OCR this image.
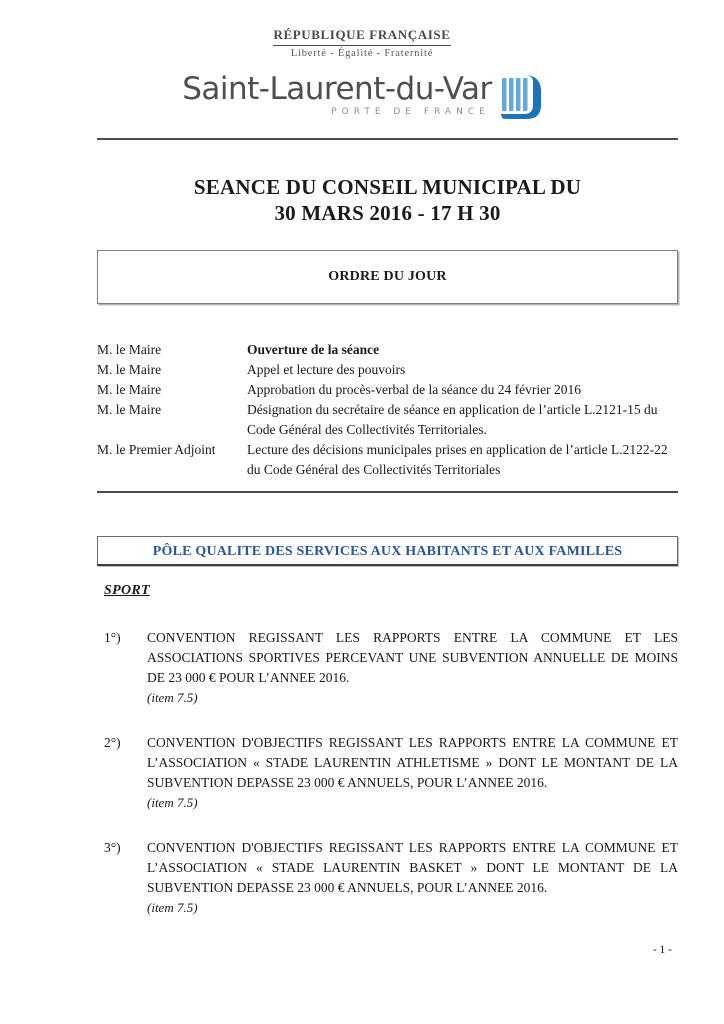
RÉPUBLIQUE FRANÇAISE
Liberté - Égalité - Fraternité
Saint-Laurent-du-Var
PORTE DE FRANCE
SEANCE DU CONSEIL MUNICIPAL DU
30 MARS 2016 - 17 H 30
ORDRE DU JOUR
M. le Maire	Ouverture de la séance
M. le Maire	Appel et lecture des pouvoirs
M. le Maire	Approbation du procès-verbal de la séance du 24 février 2016
M. le Maire	Désignation du secrétaire de séance en application de l’article L.2121-15 du Code Général des Collectivités Territoriales.
M. le Premier Adjoint	Lecture des décisions municipales prises en application de l’article L.2122-22 du Code Général des Collectivités Territoriales
PÔLE QUALITE DES SERVICES AUX HABITANTS ET AUX FAMILLES
SPORT
1°) CONVENTION REGISSANT LES RAPPORTS ENTRE LA COMMUNE ET LES ASSOCIATIONS SPORTIVES PERCEVANT UNE SUBVENTION ANNUELLE DE MOINS DE 23 000 € POUR L’ANNEE 2016.
(item 7.5)
2°) CONVENTION D'OBJECTIFS REGISSANT LES RAPPORTS ENTRE LA COMMUNE ET L’ASSOCIATION « STADE LAURENTIN ATHLETISME » DONT LE MONTANT DE LA SUBVENTION DEPASSE 23 000 € ANNUELS, POUR L’ANNEE 2016.
(item 7.5)
3°) CONVENTION D'OBJECTIFS REGISSANT LES RAPPORTS ENTRE LA COMMUNE ET L’ASSOCIATION « STADE LAURENTIN BASKET » DONT LE MONTANT DE LA SUBVENTION DEPASSE 23 000 € ANNUELS, POUR L’ANNEE 2016.
(item 7.5)
- 1 -
